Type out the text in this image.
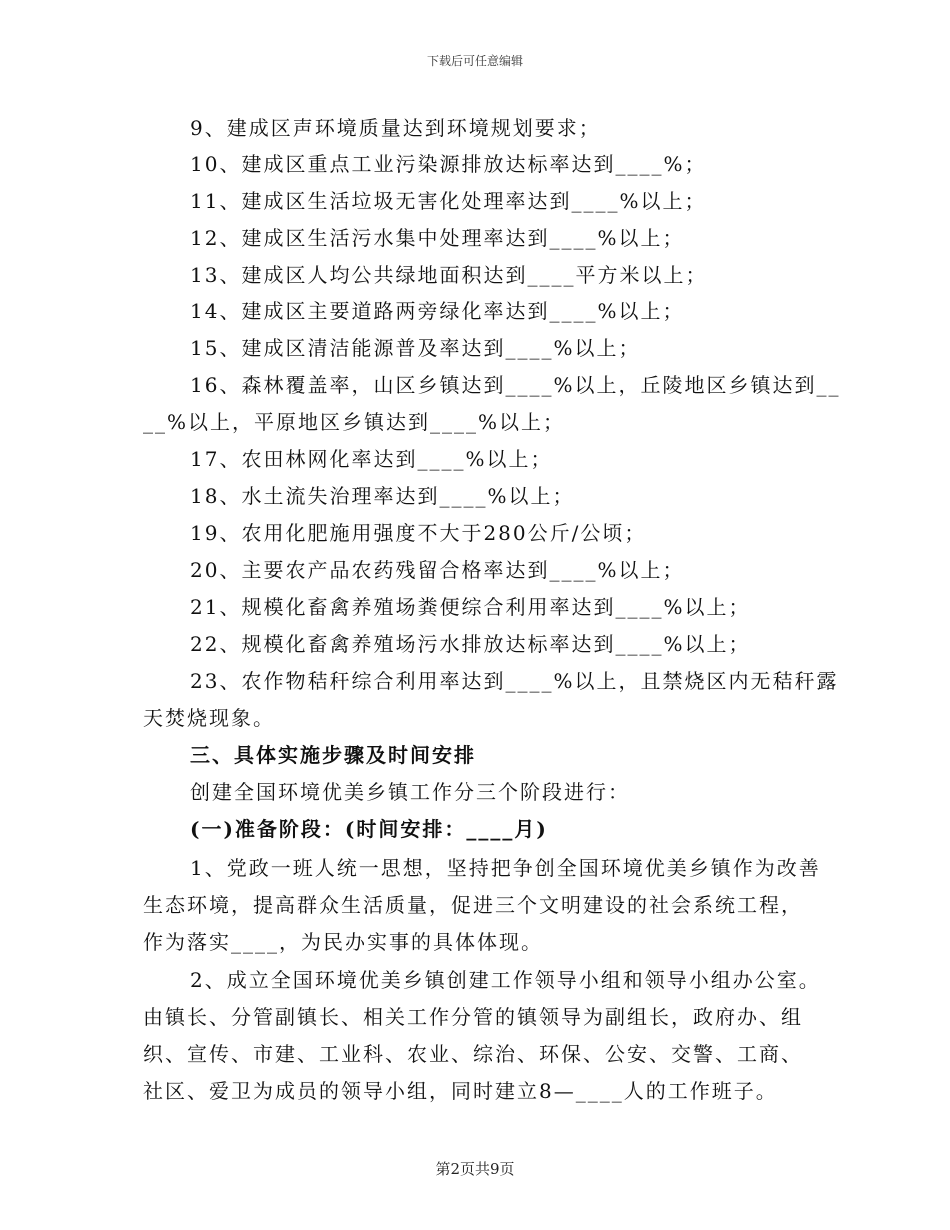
下载后可任意编辑
9、建成区声环境质量达到环境规划要求；
10、建成区重点工业污染源排放达标率达到____%；
11、建成区生活垃圾无害化处理率达到____%以上；
12、建成区生活污水集中处理率达到____%以上；
13、建成区人均公共绿地面积达到____平方米以上；
14、建成区主要道路两旁绿化率达到____%以上；
15、建成区清洁能源普及率达到____%以上；
16、森林覆盖率，山区乡镇达到____%以上，丘陵地区乡镇达到__
__%以上，平原地区乡镇达到____%以上；
17、农田林网化率达到____%以上；
18、水土流失治理率达到____%以上；
19、农用化肥施用强度不大于280公斤/公顷；
20、主要农产品农药残留合格率达到____%以上；
21、规模化畜禽养殖场粪便综合利用率达到____%以上；
22、规模化畜禽养殖场污水排放达标率达到____%以上；
23、农作物秸秆综合利用率达到____%以上，且禁烧区内无秸秆露
天焚烧现象。
三、具体实施步骤及时间安排
创建全国环境优美乡镇工作分三个阶段进行：
(一)准备阶段：(时间安排：____月)
1、党政一班人统一思想，坚持把争创全国环境优美乡镇作为改善
生态环境，提高群众生活质量，促进三个文明建设的社会系统工程，
作为落实____，为民办实事的具体体现。
2、成立全国环境优美乡镇创建工作领导小组和领导小组办公室。
由镇长、分管副镇长、相关工作分管的镇领导为副组长，政府办、组
织、宣传、市建、工业科、农业、综治、环保、公安、交警、工商、
社区、爱卫为成员的领导小组，同时建立8—____人的工作班子。
第2页共9页
